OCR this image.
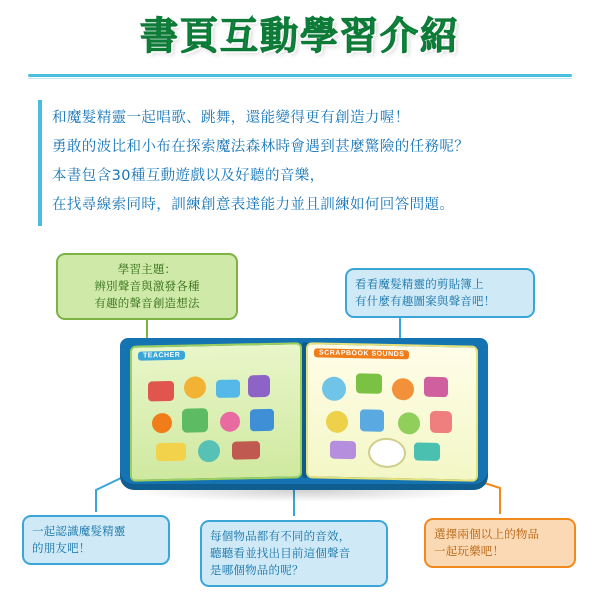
書頁互動學習介紹

和魔髮精靈一起唱歌、跳舞，還能變得更有創造力喔！

勇敢的波比和小布在探索魔法森林時會遇到甚麼驚險的任務呢？

本書包含30種互動遊戲以及好聽的音樂，

在找尋線索同時，訓練創意表達能力並且訓練如何回答問題。

TEACHER	SCRAPBOOK SOUNDS
學習主題：
辨別聲音與激發各種
有趣的聲音創造想法
看看魔髮精靈的剪貼簿上
有什麼有趣圖案與聲音吧！
一起認識魔髮精靈
的朋友吧！
每個物品都有不同的音效，
聽聽看並找出目前這個聲音
是哪個物品的呢？
選擇兩個以上的物品
一起玩樂吧！
